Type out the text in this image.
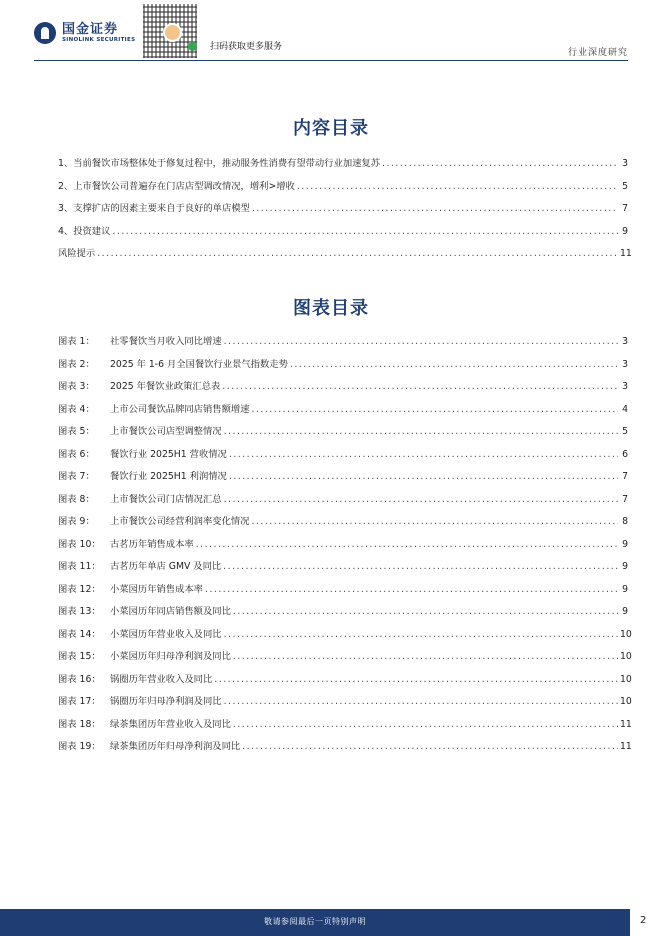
国金证券
SINOLINK SECURITIES
扫码获取更多服务
行业深度研究
内容目录
1、当前餐饮市场整体处于修复过程中，推动服务性消费有望带动行业加速复苏 .....	3
2、上市餐饮公司普遍存在门店店型调改情况，增利>增收 .....	5
3、支撑扩店的因素主要来自于良好的单店模型 .....	7
4、投资建议 .....	9
风险提示 .....	11
图表目录
图表 1： 社零餐饮当月收入同比增速 .....	3
图表 2： 2025 年 1-6 月全国餐饮行业景气指数走势 .....	3
图表 3： 2025 年餐饮业政策汇总表 .....	3
图表 4： 上市公司餐饮品牌同店销售额增速 .....	4
图表 5： 上市餐饮公司店型调整情况 .....	5
图表 6： 餐饮行业 2025H1 营收情况 .....	6
图表 7： 餐饮行业 2025H1 利润情况 .....	7
图表 8： 上市餐饮公司门店情况汇总 .....	7
图表 9： 上市餐饮公司经营利润率变化情况 .....	8
图表 10： 古茗历年销售成本率 .....	9
图表 11： 古茗历年单店 GMV 及同比 .....	9
图表 12： 小菜园历年销售成本率 .....	9
图表 13： 小菜园历年同店销售额及同比 .....	9
图表 14： 小菜园历年营业收入及同比 .....	10
图表 15： 小菜园历年归母净利润及同比 .....	10
图表 16： 锅圈历年营业收入及同比 .....	10
图表 17： 锅圈历年归母净利润及同比 .....	10
图表 18： 绿茶集团历年营业收入及同比 .....	11
图表 19： 绿茶集团历年归母净利润及同比 .....	11
敬请参阅最后一页特别声明	2
